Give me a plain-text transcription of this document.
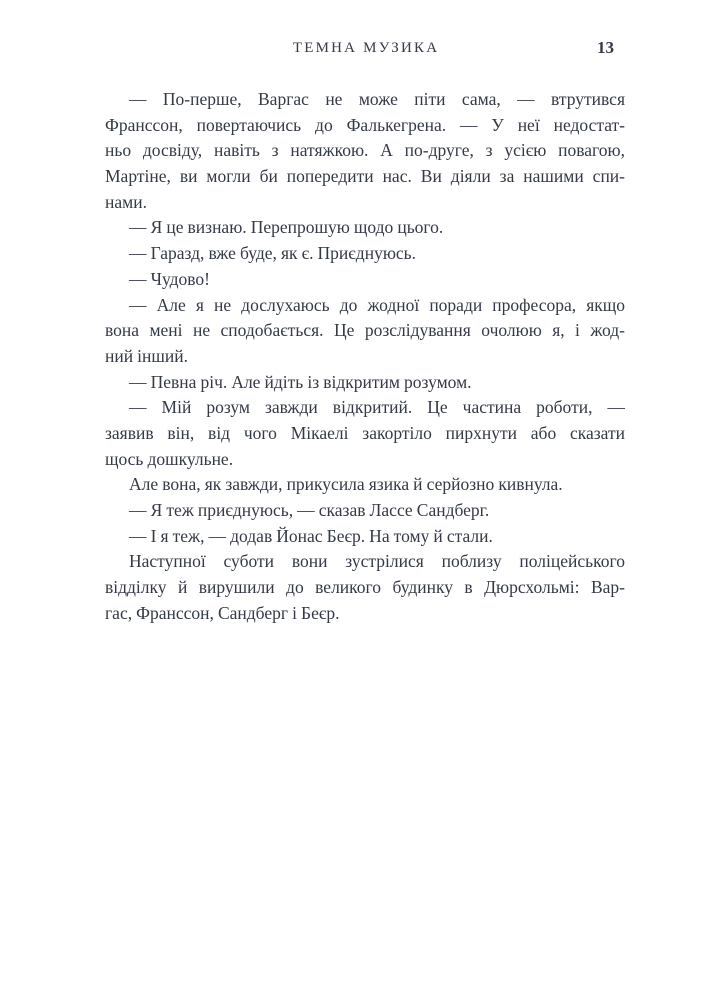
ТЕМНА МУЗИКА	13
— По-перше, Варгас не може піти сама, — втрутився
Франссон, повертаючись до Фалькегрена. — У неї недостат-
ньо досвіду, навіть з натяжкою. А по-друге, з усією повагою,
Мартіне, ви могли би попередити нас. Ви діяли за нашими спи-
нами.
— Я це визнаю. Перепрошую щодо цього.
— Гаразд, вже буде, як є. Приєднуюсь.
— Чудово!
— Але я не дослухаюсь до жодної поради професора, якщо
вона мені не сподобається. Це розслідування очолюю я, і жод-
ний інший.
— Певна річ. Але йдіть із відкритим розумом.
— Мій розум завжди відкритий. Це частина роботи, —
заявив він, від чого Мікаелі закортіло пирхнути або сказати
щось дошкульне.
Але вона, як завжди, прикусила язика й серйозно кивнула.
— Я теж приєднуюсь, — сказав Лассе Сандберг.
— І я теж, — додав Йонас Беєр. На тому й стали.
Наступної суботи вони зустрілися поблизу поліцейського
відділку й вирушили до великого будинку в Дюрсхольмі: Вар-
гас, Франссон, Сандберг і Беєр.
